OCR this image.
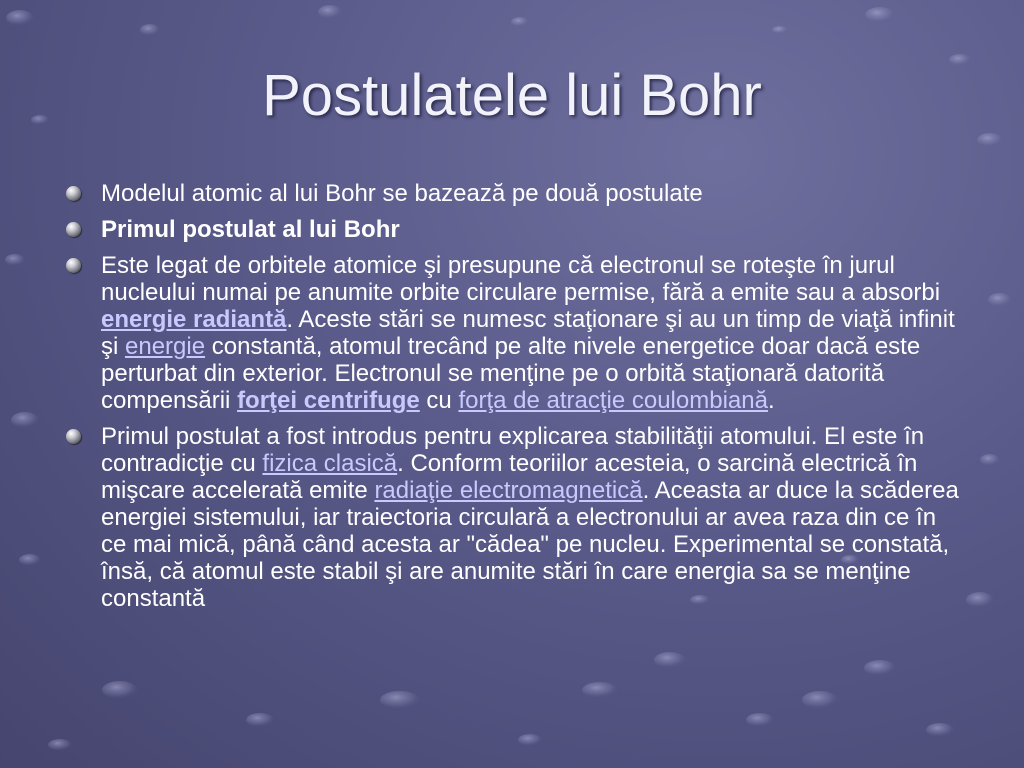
Postulatele lui Bohr
Modelul atomic al lui Bohr se bazează pe două postulate
Primul postulat al lui Bohr
Este legat de orbitele atomice şi presupune că electronul se roteşte în jurul nucleului numai pe anumite orbite circulare permise, fără a emite sau a absorbi energie radiantă. Aceste stări se numesc staţionare şi au un timp de viaţă infinit şi energie constantă, atomul trecând pe alte nivele energetice doar dacă este perturbat din exterior. Electronul se menţine pe o orbită staţionară datorită compensării forţei centrifuge cu forţa de atracţie coulombiană.
Primul postulat a fost introdus pentru explicarea stabilităţii atomului. El este în contradicţie cu fizica clasică. Conform teoriilor acesteia, o sarcină electrică în mişcare accelerată emite radiaţie electromagnetică. Aceasta ar duce la scăderea energiei sistemului, iar traiectoria circulară a electronului ar avea raza din ce în ce mai mică, până când acesta ar "cădea" pe nucleu. Experimental se constată, însă, că atomul este stabil şi are anumite stări în care energia sa se menţine constantă
